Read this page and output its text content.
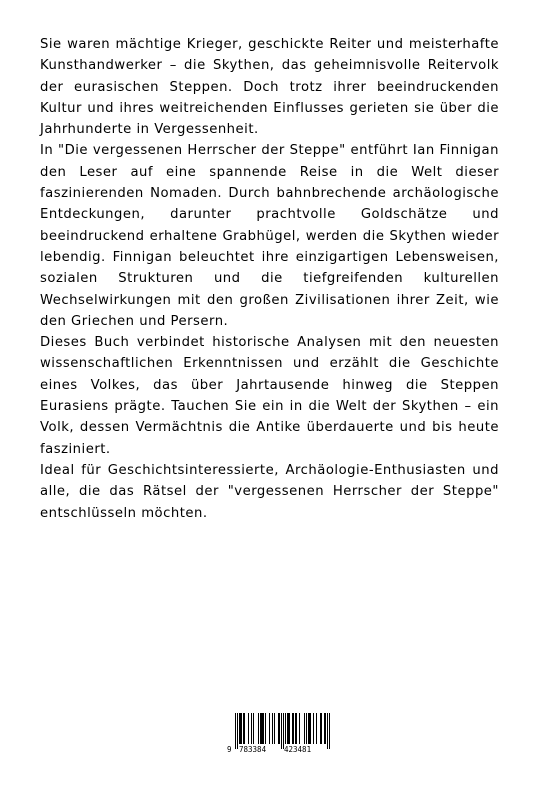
Sie waren mächtige Krieger, geschickte Reiter und meisterhafte Kunsthandwerker – die Skythen, das geheimnisvolle Reitervolk der eurasischen Steppen. Doch trotz ihrer beeindruckenden Kultur und ihres weitreichenden Einflusses gerieten sie über die Jahrhunderte in Vergessenheit.

In "Die vergessenen Herrscher der Steppe" entführt Ian Finnigan den Leser auf eine spannende Reise in die Welt dieser faszinierenden Nomaden. Durch bahnbrechende archäologische Entdeckungen, darunter prachtvolle Goldschätze und beeindruckend erhaltene Grabhügel, werden die Skythen wieder lebendig. Finnigan beleuchtet ihre einzigartigen Lebensweisen, sozialen Strukturen und die tiefgreifenden kulturellen Wechselwirkungen mit den großen Zivilisationen ihrer Zeit, wie den Griechen und Persern.

Dieses Buch verbindet historische Analysen mit den neuesten wissenschaftlichen Erkenntnissen und erzählt die Geschichte eines Volkes, das über Jahrtausende hinweg die Steppen Eurasiens prägte. Tauchen Sie ein in die Welt der Skythen – ein Volk, dessen Vermächtnis die Antike überdauerte und bis heute fasziniert.

Ideal für Geschichtsinteressierte, Archäologie-Enthusiasten und alle, die das Rätsel der "vergessenen Herrscher der Steppe" entschlüsseln möchten.

9 783384 423481
